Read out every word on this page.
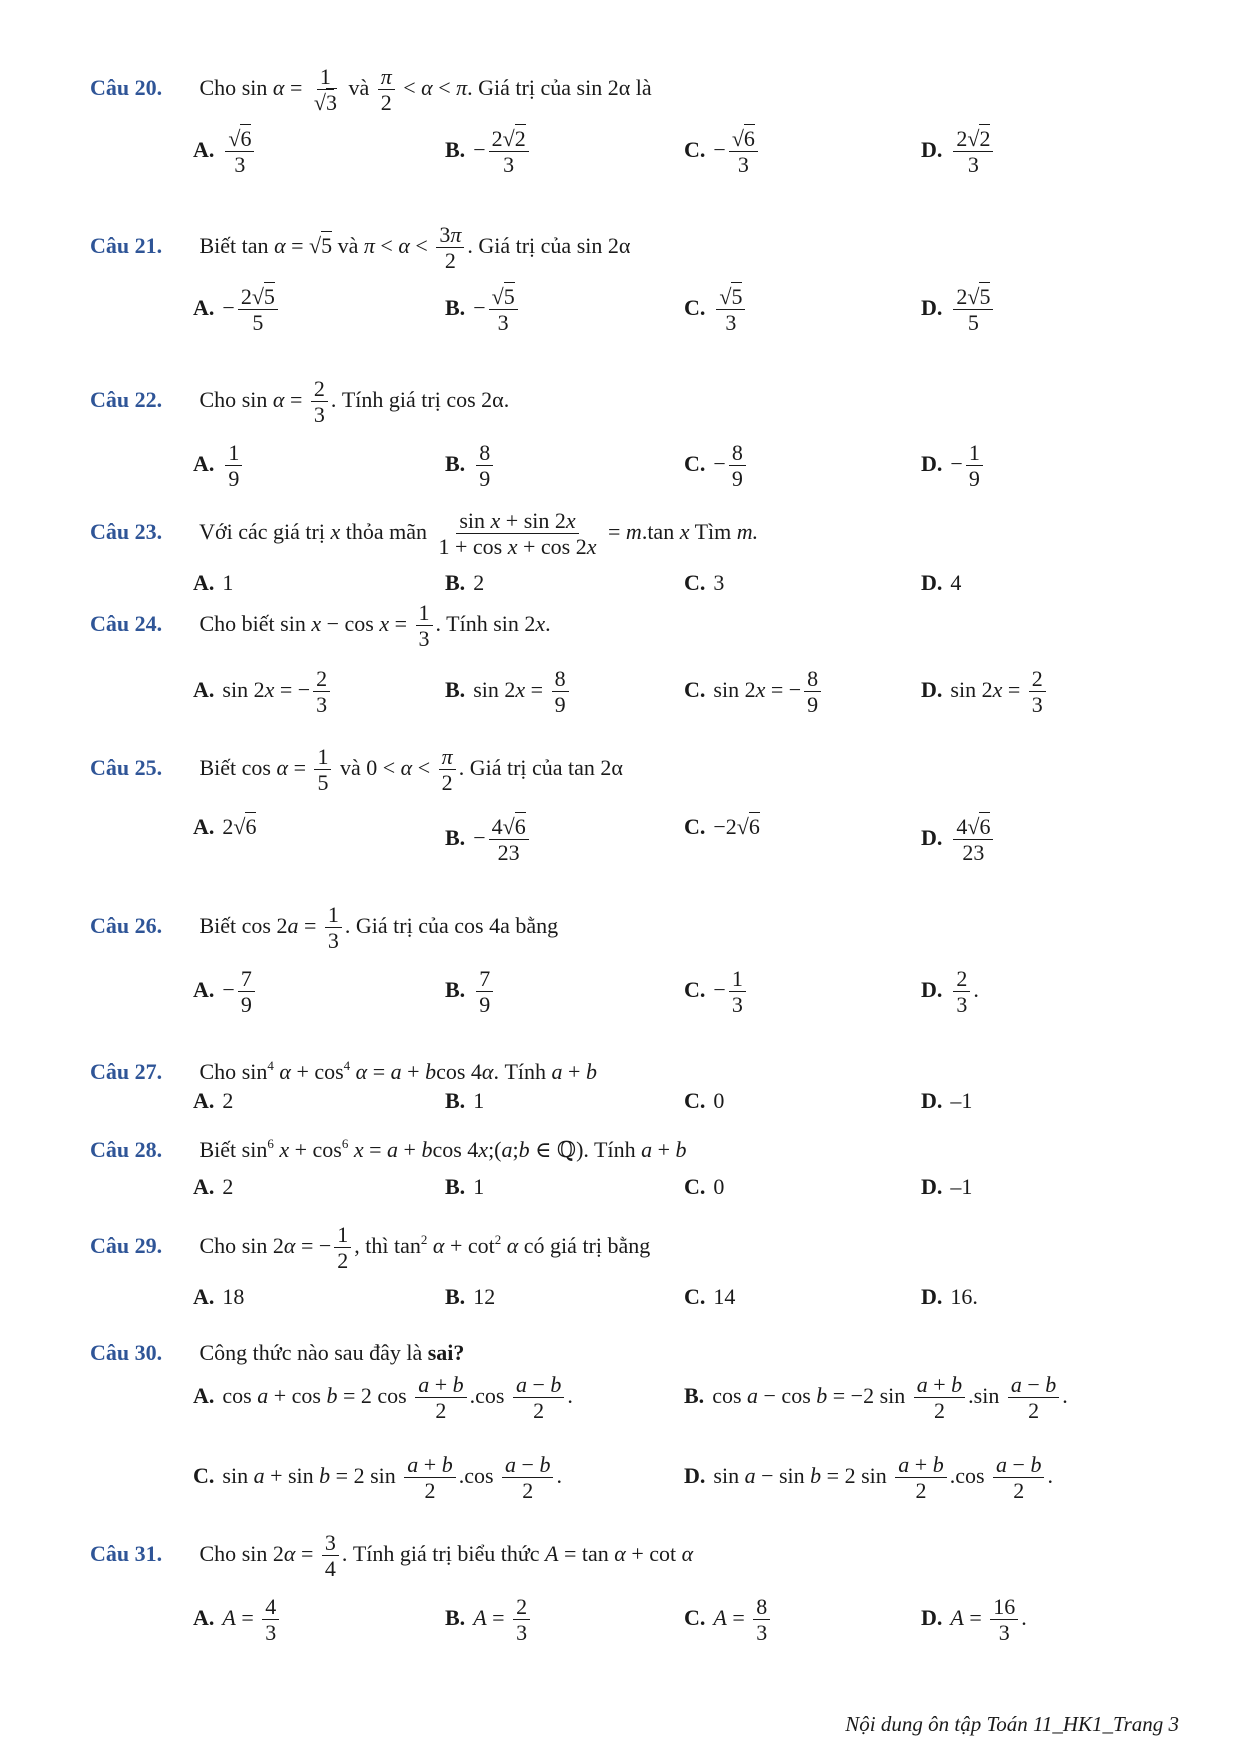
Câu 20. Cho $\sin \alpha = \frac{1}{√3}$ và $\frac{\pi}{2} < \alpha < \pi$. Giá trị của sin 2α là
A. $\frac{√6}{3}$	B. − $\frac{2√2}{3}$	C. − $\frac{√6}{3}$	D. $\frac{2√2}{3}$
Câu 21. Biết tan α = √5 và $\pi < \alpha < \frac{3\pi}{2}$ . Giá trị của sin 2α
A. − $\frac{2√5}{5}$	B. − $\frac{√5}{3}$	C. $\frac{√5}{3}$	D. $\frac{2√5}{5}$
Câu 22. Cho $\sin \alpha = \frac{2}{3}$ . Tính giá trị cos 2α.
A. $\frac{1}{9}$	B. $\frac{8}{9}$	C. − $\frac{8}{9}$	D. − $\frac{1}{9}$
Câu 23. Với các giá trị x thỏa mãn $\frac{\text{sin x + sin 2x}}{\text{1 + cos x + cos 2x}} = m.\tan$ x Tìm m.
A. 1	B. 2	C. 3	D. 4
Câu 24. Cho biết $\sin x - \cos x = \frac{1}{3}$ . Tính sin 2x.
A. sin 2x = − $\frac{2}{3}$	B. $\sin 2x = \frac{8}{9}$	C. sin 2x = − $\frac{8}{9}$	D. $\sin 2x = \frac{2}{3}$
Câu 25. Biết $\cos \alpha = \frac{1}{5}$ và $0 < \alpha < \frac{\pi}{2}$ . Giá trị của tan 2α
A. 2√6	B. − $\frac{4√6}{23}$	C. −2√6	D. $\frac{4√6}{23}$
Câu 26. Biết $\cos 2a = \frac{1}{3}$ . Giá trị của cos 4a bằng
A. − $\frac{7}{9}$	B. $\frac{7}{9}$	C. − $\frac{1}{3}$	D. $\frac{2}{3}$ .
Câu 27. Cho $\sin^4 \alpha + \cos^4 \alpha = a + bcos$ 4α. Tính a + b
A. 2	B. 1	C. 0	D. –1
Câu 28. Biết $\sin^6 x + \cos^6 x = a + bcos$ 4x;(a;b ∈ ℚ). Tính a + b
A. 2	B. 1	C. 0	D. –1
Câu 29. Cho sin 2α = − $\frac{1}{2}$ , thì $\tan^2 \alpha + \cot^2 \alpha$ có giá trị bằng
A. 18	B. 12	C. 14	D. 16.
Câu 30. Công thức nào sau đây là sai?
A. cos a + cos b = 2 $\cos \frac{a + b}{2} .\cos \frac{a - b}{2}$ .	B. cos a − cos b = −2 $\sin \frac{a + b}{2} .\sin \frac{a - b}{2}$ .
C. sin a + sin b = 2 $\sin \frac{a + b}{2} .\cos \frac{a - b}{2}$ .	D. sin a − sin b = 2 $\sin \frac{a + b}{2} .\cos \frac{a - b}{2}$ .
Câu 31. Cho $\sin 2\alpha = \frac{3}{4}$ . Tính giá trị biểu thức A = tan α + cot α
A. $A = \frac{4}{3}$	B. $A = \frac{2}{3}$	C. $A = \frac{8}{3}$	D. $A = \frac{16}{3}$ .
Nội dung ôn tập Toán 11_HK1_Trang 3
